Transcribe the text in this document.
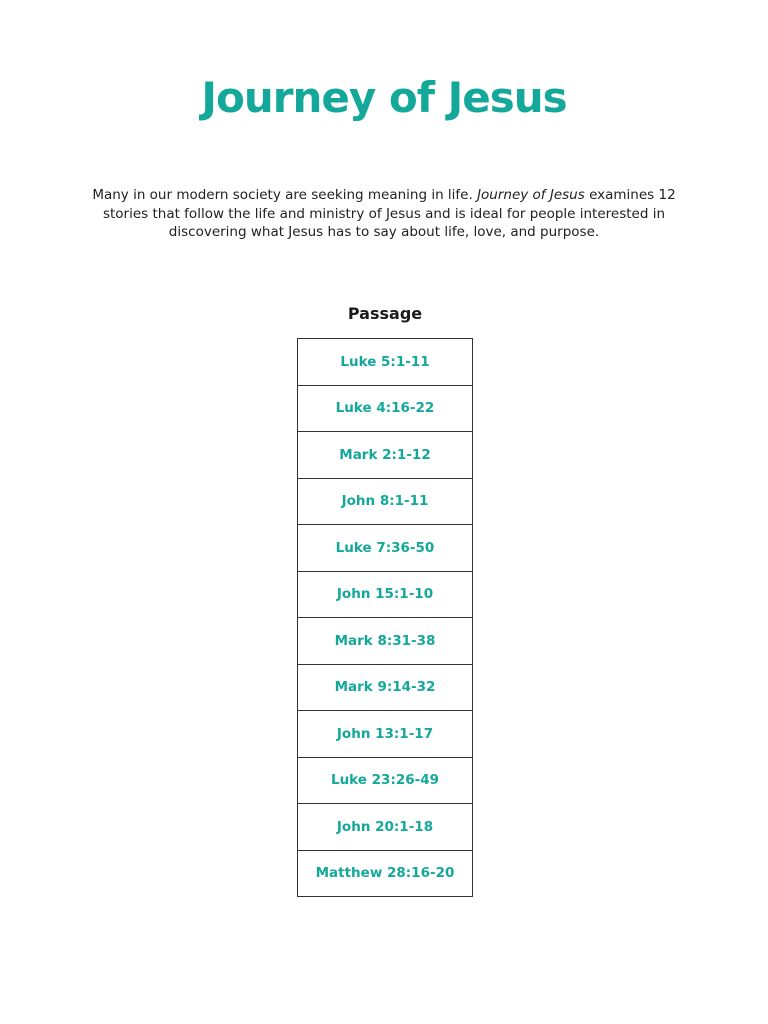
Journey of Jesus

Many in our modern society are seeking meaning in life. Journey of Jesus examines 12 stories that follow the life and ministry of Jesus and is ideal for people interested in discovering what Jesus has to say about life, love, and purpose.

Passage
Luke 5:1-11
Luke 4:16-22
Mark 2:1-12
John 8:1-11
Luke 7:36-50
John 15:1-10
Mark 8:31-38
Mark 9:14-32
John 13:1-17
Luke 23:26-49
John 20:1-18
Matthew 28:16-20
